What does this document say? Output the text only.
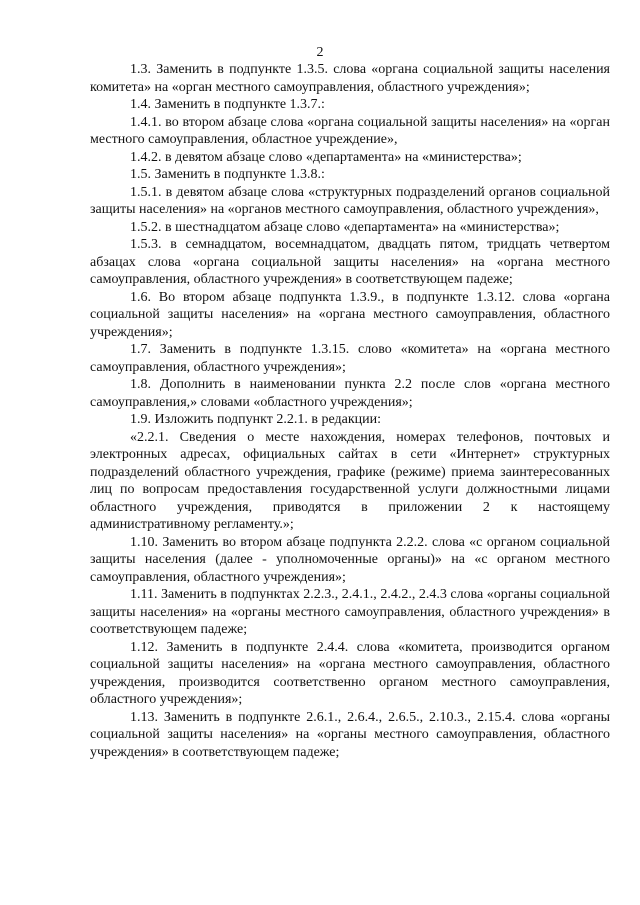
2

1.3. Заменить в подпункте 1.3.5. слова «органа социальной защиты населения комитета» на «орган местного самоуправления, областного учреждения»;

1.4. Заменить в подпункте 1.3.7.:

1.4.1. во втором абзаце слова «органа социальной защиты населения» на «орган местного самоуправления, областное учреждение»,

1.4.2. в девятом абзаце слово «департамента» на «министерства»;

1.5. Заменить в подпункте 1.3.8.:

1.5.1. в девятом абзаце слова «структурных подразделений органов социальной защиты населения» на «органов местного самоуправления, областного учреждения»,

1.5.2. в шестнадцатом абзаце слово «департамента» на «министерства»;

1.5.3. в семнадцатом, восемнадцатом, двадцать пятом, тридцать четвертом абзацах слова «органа социальной защиты населения» на «органа местного самоуправления, областного учреждения» в соответствующем падеже;

1.6. Во втором абзаце подпункта 1.3.9., в подпункте 1.3.12. слова «органа социальной защиты населения» на «органа местного самоуправления, областного учреждения»;

1.7. Заменить в подпункте 1.3.15. слово «комитета» на «органа местного самоуправления, областного учреждения»;

1.8. Дополнить в наименовании пункта 2.2 после слов «органа местного самоуправления,» словами «областного учреждения»;

1.9. Изложить подпункт 2.2.1. в редакции:

«2.2.1. Сведения о месте нахождения, номерах телефонов, почтовых и электронных адресах, официальных сайтах в сети «Интернет» структурных подразделений областного учреждения, графике (режиме) приема заинтересованных лиц по вопросам предоставления государственной услуги должностными лицами областного учреждения, приводятся в приложении 2 к настоящему административному регламенту.»;

1.10. Заменить во втором абзаце подпункта 2.2.2. слова «с органом социальной защиты населения (далее - уполномоченные органы)» на «с органом местного самоуправления, областного учреждения»;

1.11. Заменить в подпунктах 2.2.3., 2.4.1., 2.4.2., 2.4.3 слова «органы социальной защиты населения» на «органы местного самоуправления, областного учреждения» в соответствующем падеже;

1.12. Заменить в подпункте 2.4.4. слова «комитета, производится органом социальной защиты населения» на «органа местного самоуправления, областного учреждения, производится соответственно органом местного самоуправления, областного учреждения»;

1.13. Заменить в подпункте 2.6.1., 2.6.4., 2.6.5., 2.10.3., 2.15.4. слова «органы социальной защиты населения» на «органы местного самоуправления, областного учреждения» в соответствующем падеже;
